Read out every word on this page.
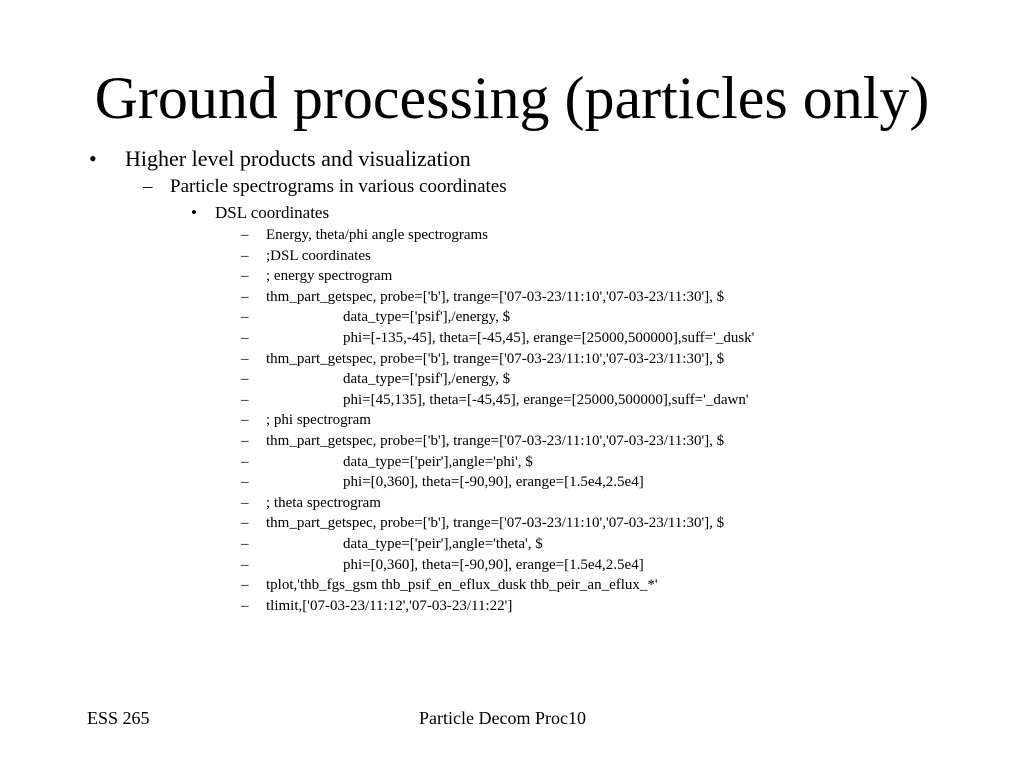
Ground processing (particles only)
• Higher level products and visualization
– Particle spectrograms in various coordinates
• DSL coordinates
– Energy, theta/phi angle spectrograms
– ;DSL coordinates
– ; energy spectrogram
– thm_part_getspec, probe=['b'], trange=['07-03-23/11:10','07-03-23/11:30'], $
–	data_type=['psif'],/energy, $
–	phi=[-135,-45], theta=[-45,45], erange=[25000,500000],suff='_dusk'
– thm_part_getspec, probe=['b'], trange=['07-03-23/11:10','07-03-23/11:30'], $
–	data_type=['psif'],/energy, $
–	phi=[45,135], theta=[-45,45], erange=[25000,500000],suff='_dawn'
– ; phi spectrogram
– thm_part_getspec, probe=['b'], trange=['07-03-23/11:10','07-03-23/11:30'], $
–	data_type=['peir'],angle='phi', $
–	phi=[0,360], theta=[-90,90], erange=[1.5e4,2.5e4]
– ; theta spectrogram
– thm_part_getspec, probe=['b'], trange=['07-03-23/11:10','07-03-23/11:30'], $
–	data_type=['peir'],angle='theta', $
–	phi=[0,360], theta=[-90,90], erange=[1.5e4,2.5e4]
– tplot,'thb_fgs_gsm thb_psif_en_eflux_dusk thb_peir_an_eflux_*'
– tlimit,['07-03-23/11:12','07-03-23/11:22']
ESS 265	Particle Decom Proc10
